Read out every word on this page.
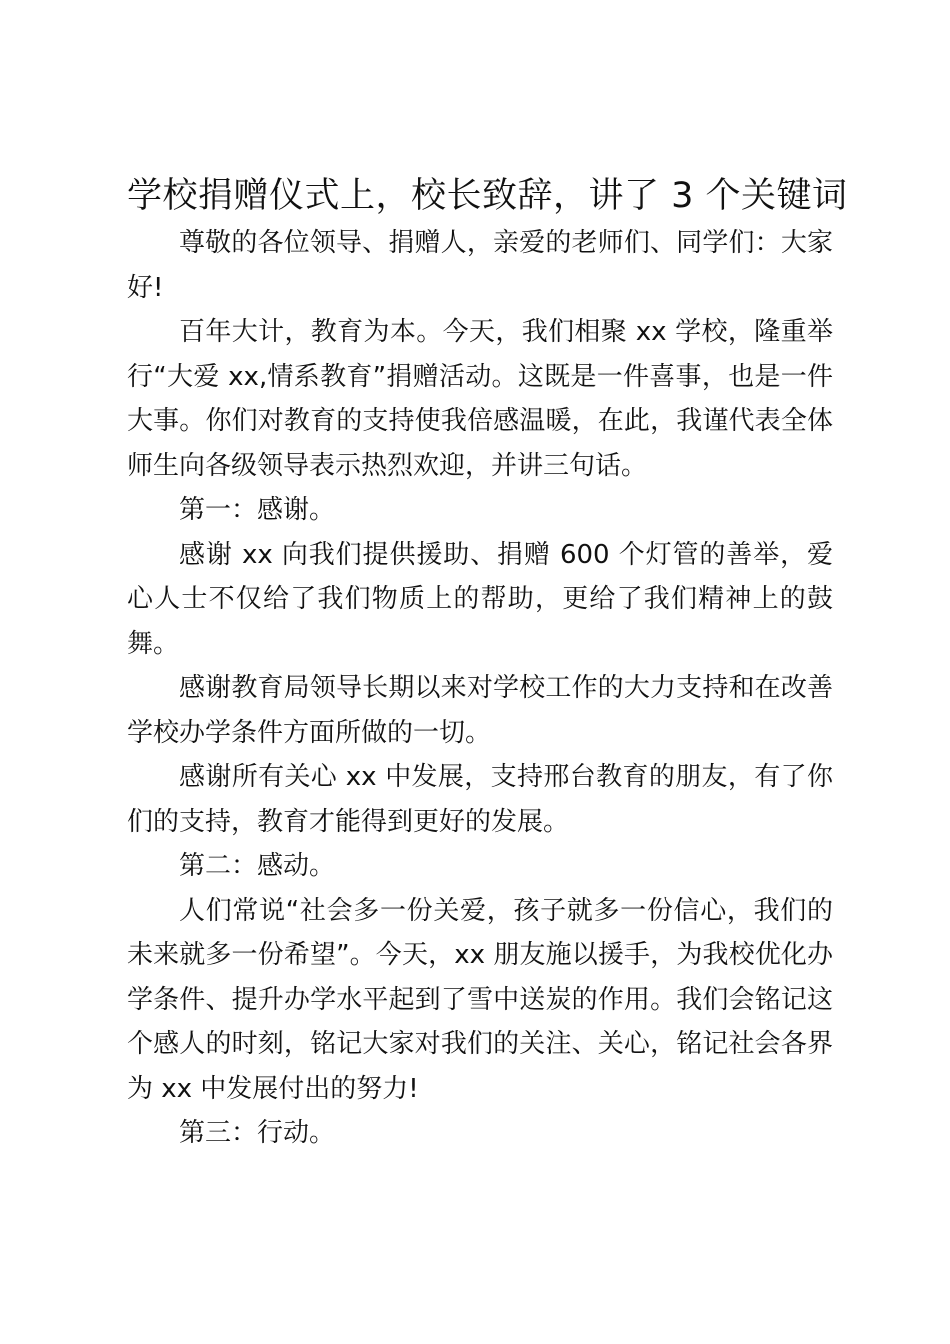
学校捐赠仪式上，校长致辞，讲了 3 个关键词

尊敬的各位领导、捐赠人，亲爱的老师们、同学们：大家好!

百年大计，教育为本。今天，我们相聚 xx 学校，隆重举行“大爱 xx,情系教育”捐赠活动。这既是一件喜事，也是一件大事。你们对教育的支持使我倍感温暖，在此，我谨代表全体师生向各级领导表示热烈欢迎，并讲三句话。

第一：感谢。

感谢 xx 向我们提供援助、捐赠 600 个灯管的善举，爱心人士不仅给了我们物质上的帮助，更给了我们精神上的鼓舞。

感谢教育局领导长期以来对学校工作的大力支持和在改善学校办学条件方面所做的一切。

感谢所有关心 xx 中发展，支持邢台教育的朋友，有了你们的支持，教育才能得到更好的发展。

第二：感动。

人们常说“社会多一份关爱，孩子就多一份信心，我们的未来就多一份希望”。今天，xx 朋友施以援手，为我校优化办学条件、提升办学水平起到了雪中送炭的作用。我们会铭记这个感人的时刻，铭记大家对我们的关注、关心，铭记社会各界为 xx 中发展付出的努力!

第三：行动。
